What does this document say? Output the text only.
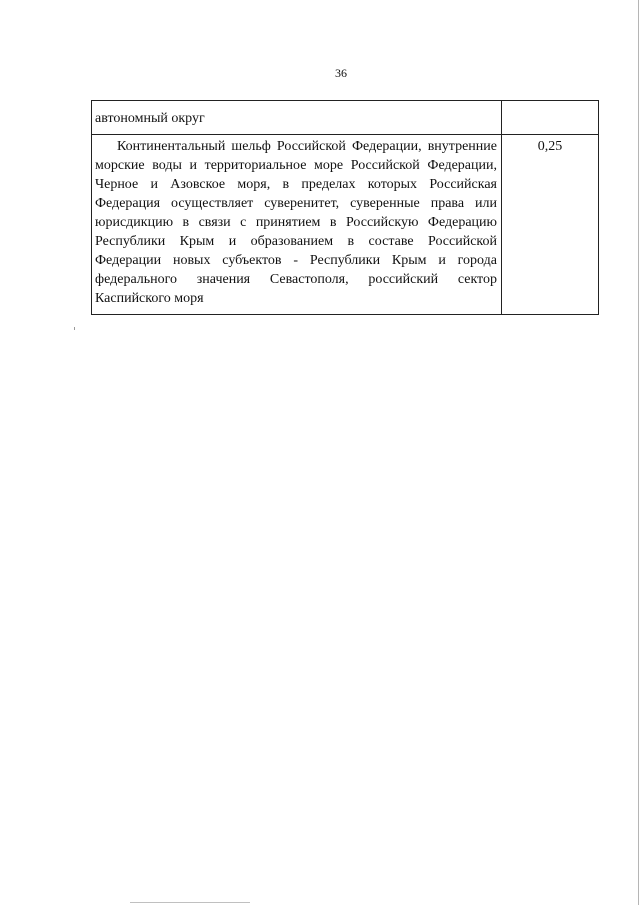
36
автономный округ	
Континентальный шельф Российской Федерации, внутренние морские воды и территориальное море Российской Федерации, Черное и Азовское моря, в пределах которых Российская Федерация осуществляет суверенитет, суверенные права или юрисдикцию в связи с принятием в Российскую Федерацию Республики Крым и образованием в составе Российской Федерации новых субъектов - Республики Крым и города федерального значения Севастополя, российский сектор Каспийского моря	0,25
